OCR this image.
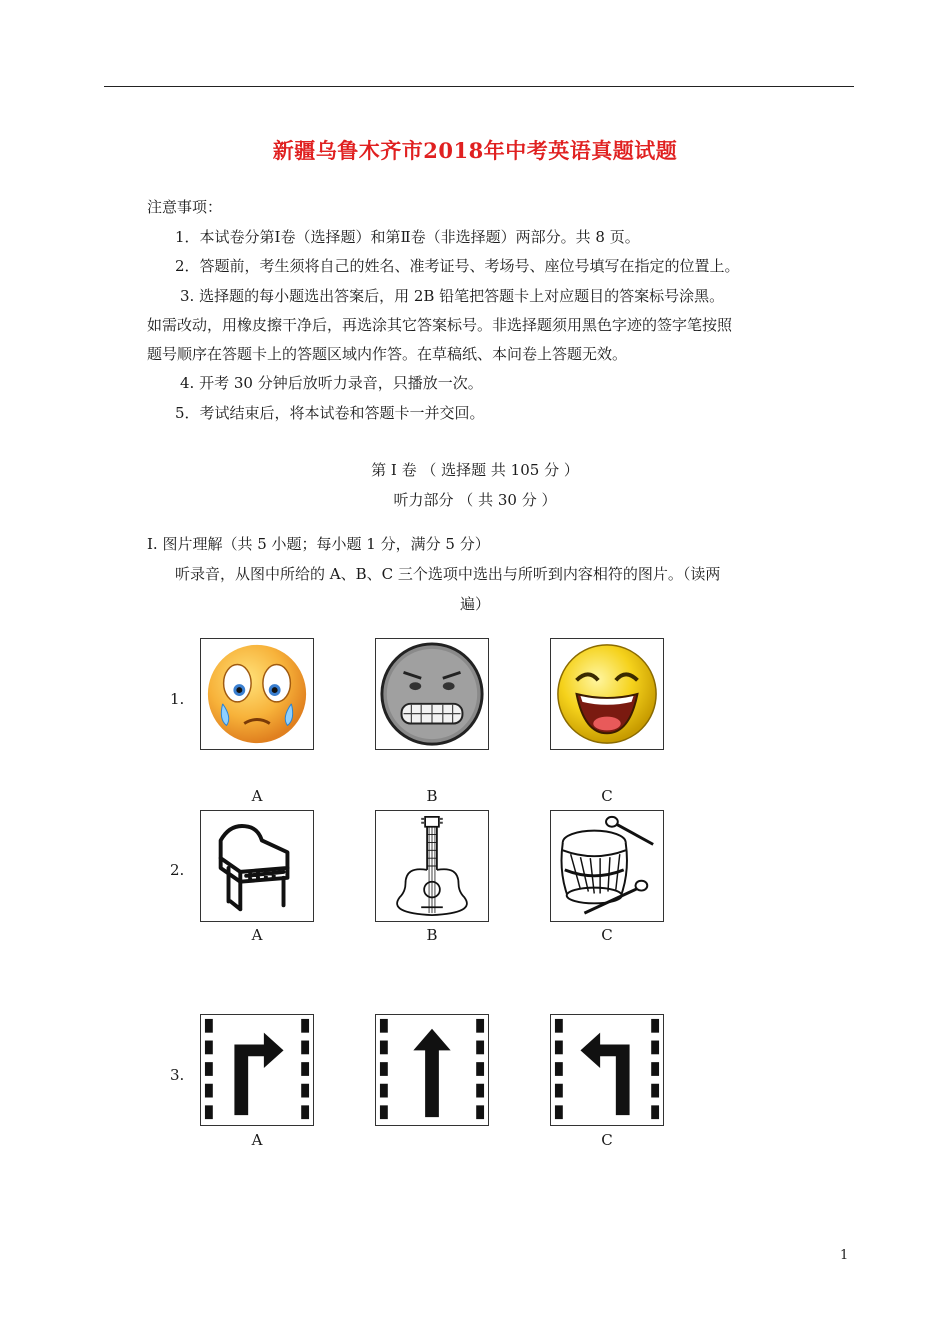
新疆乌鲁木齐市2018年中考英语真题试题
注意事项：
1．本试卷分第Ⅰ卷（选择题）和第Ⅱ卷（非选择题）两部分。共 8 页。
2．答题前，考生须将自己的姓名、准考证号、考场号、座位号填写在指定的位置上。
3. 选择题的每小题选出答案后，用 2B 铅笔把答题卡上对应题目的答案标号涂黑。
如需改动，用橡皮擦干净后，再选涂其它答案标号。非选择题须用黑色字迹的签字笔按照
题号顺序在答题卡上的答题区域内作答。在草稿纸、本问卷上答题无效。
4. 开考 30 分钟后放听力录音，只播放一次。
5．考试结束后，将本试卷和答题卡一并交回。
第 I 卷 （ 选择题 共 105 分 ）
听力部分 （ 共 30 分 ）
I. 图片理解（共 5 小题；每小题 1 分，满分 5 分）
听录音，从图中所给的 A、B、C 三个选项中选出与所听到内容相符的图片。（读两
遍）
1.
A	B	C
2.
A	B	C
3.
A	C
1
